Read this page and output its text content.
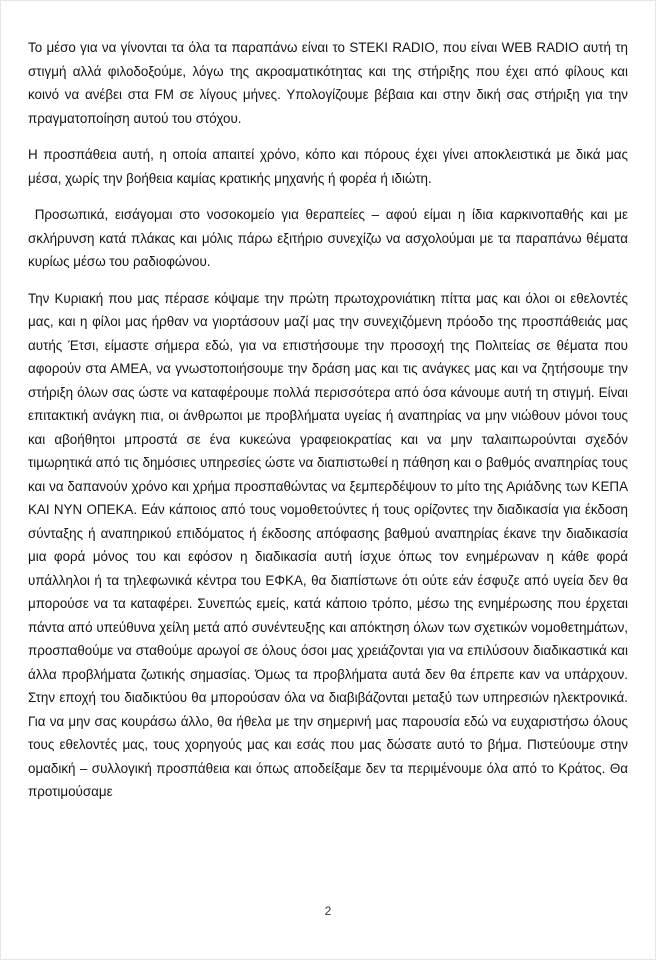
Το μέσο για να γίνονται τα όλα τα παραπάνω είναι το STEKI RADIO, που είναι WEB RADIO αυτή τη στιγμή αλλά φιλοδοξούμε, λόγω της ακροαματικότητας και της στήριξης που έχει από φίλους και κοινό να ανέβει στα FM σε λίγους μήνες. Υπολογίζουμε βέβαια και στην δική σας στήριξη για την πραγματοποίηση αυτού του στόχου.

Η προσπάθεια αυτή, η οποία απαιτεί χρόνο, κόπο και πόρους έχει γίνει αποκλειστικά με δικά μας μέσα, χωρίς την βοήθεια καμίας κρατικής μηχανής ή φορέα ή ιδιώτη.

Προσωπικά, εισάγομαι στο νοσοκομείο για θεραπείες – αφού είμαι η ίδια καρκινοπαθής και με σκλήρυνση κατά πλάκας και μόλις πάρω εξιτήριο συνεχίζω να ασχολούμαι με τα παραπάνω θέματα κυρίως μέσω του ραδιοφώνου.

Την Κυριακή που μας πέρασε κόψαμε την πρώτη πρωτοχρονιάτικη πίττα μας και όλοι οι εθελοντές μας, και η φίλοι μας ήρθαν να γιορτάσουν μαζί μας την συνεχιζόμενη πρόοδο της προσπάθειάς μας αυτής Έτσι, είμαστε σήμερα εδώ, για να επιστήσουμε την προσοχή της Πολιτείας σε θέματα που αφορούν στα ΑΜΕΑ, να γνωστοποιήσουμε την δράση μας και τις ανάγκες μας και να ζητήσουμε την στήριξη όλων σας ώστε να καταφέρουμε πολλά περισσότερα από όσα κάνουμε αυτή τη στιγμή. Είναι επιτακτική ανάγκη πια, οι άνθρωποι με προβλήματα υγείας ή αναπηρίας να μην νιώθουν μόνοι τους και αβοήθητοι μπροστά σε ένα κυκεώνα γραφειοκρατίας και να μην ταλαιπωρούνται σχεδόν τιμωρητικά από τις δημόσιες υπηρεσίες ώστε να διαπιστωθεί η πάθηση και ο βαθμός αναπηρίας τους και να δαπανούν χρόνο και χρήμα προσπαθώντας να ξεμπερδέψουν το μίτο της Αριάδνης των ΚΕΠΑ ΚΑΙ ΝΥΝ ΟΠΕΚΑ. Εάν κάποιος από τους νομοθετούντες ή τους ορίζοντες την διαδικασία για έκδοση σύνταξης ή αναπηρικού επιδόματος ή έκδοσης απόφασης βαθμού αναπηρίας έκανε την διαδικασία μια φορά μόνος του και εφόσον η διαδικασία αυτή ίσχυε όπως τον ενημέρωναν η κάθε φορά υπάλληλοι ή τα τηλεφωνικά κέντρα του ΕΦΚΑ, θα διαπίστωνε ότι ούτε εάν έσφυζε από υγεία δεν θα μπορούσε να τα καταφέρει. Συνεπώς εμείς, κατά κάποιο τρόπο, μέσω της ενημέρωσης που έρχεται πάντα από υπεύθυνα χείλη μετά από συνέντευξης και απόκτηση όλων των σχετικών νομοθετημάτων, προσπαθούμε να σταθούμε αρωγοί σε όλους όσοι μας χρειάζονται για να επιλύσουν διαδικαστικά και άλλα προβλήματα ζωτικής σημασίας. Όμως τα προβλήματα αυτά δεν θα έπρεπε καν να υπάρχουν. Στην εποχή του διαδικτύου θα μπορούσαν όλα να διαβιβάζονται μεταξύ των υπηρεσιών ηλεκτρονικά. Για να μην σας κουράσω άλλο, θα ήθελα με την σημερινή μας παρουσία εδώ να ευχαριστήσω όλους τους εθελοντές μας, τους χορηγούς μας και εσάς που μας δώσατε αυτό το βήμα. Πιστεύουμε στην ομαδική – συλλογική προσπάθεια και όπως αποδείξαμε δεν τα περιμένουμε όλα από το Κράτος. Θα προτιμούσαμε

2
